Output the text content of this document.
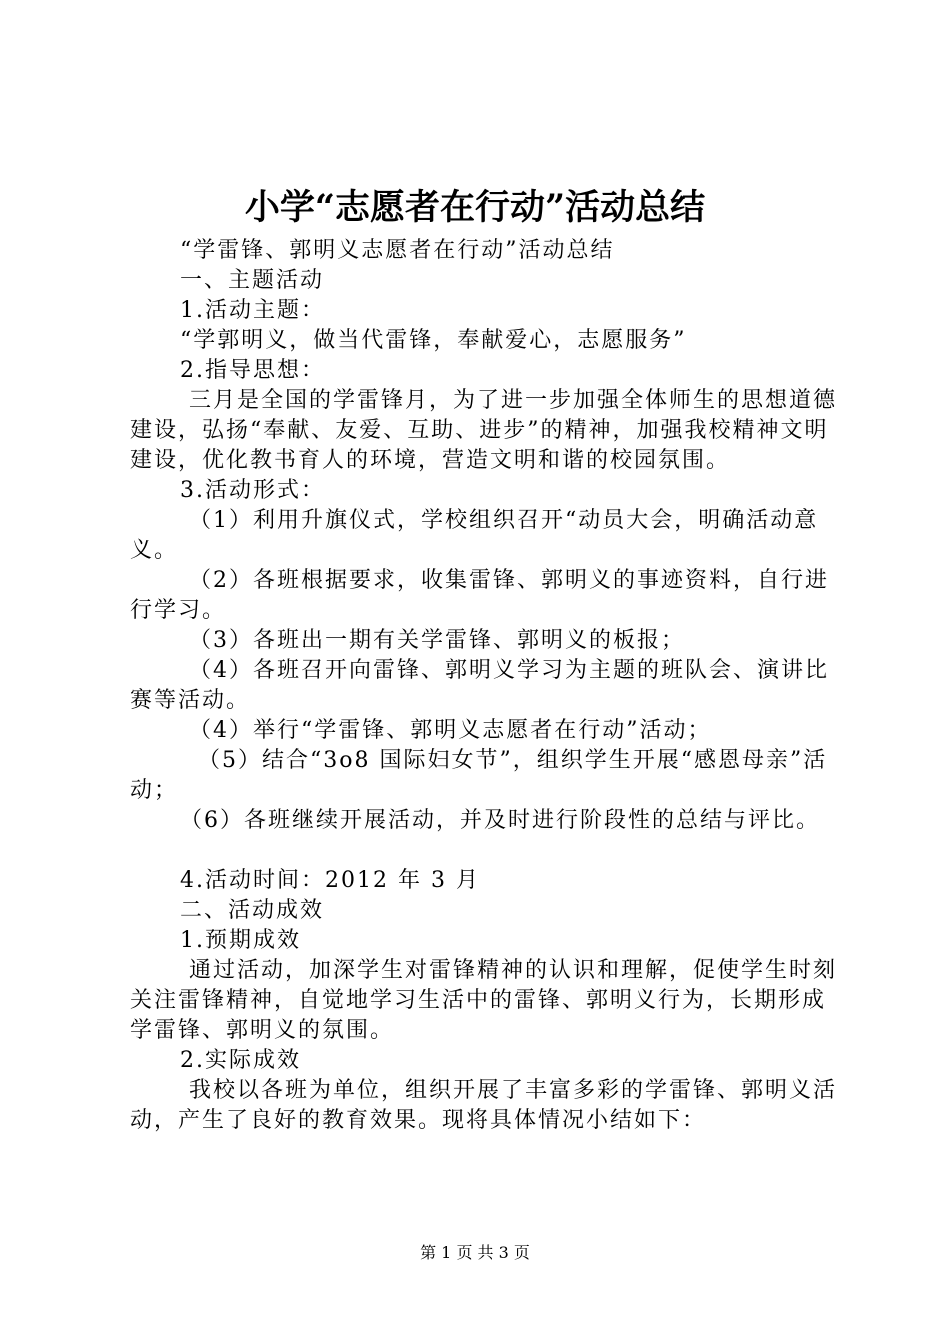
小学“志愿者在行动”活动总结

“学雷锋、郭明义志愿者在行动”活动总结

一、主题活动

1.活动主题：

“学郭明义，做当代雷锋，奉献爱心，志愿服务”

2.指导思想：

三月是全国的学雷锋月，为了进一步加强全体师生的思想道德建设，弘扬“奉献、友爱、互助、进步”的精神，加强我校精神文明建设，优化教书育人的环境，营造文明和谐的校园氛围。

3.活动形式：

（1）利用升旗仪式，学校组织召开“动员大会，明确活动意义。

（2）各班根据要求，收集雷锋、郭明义的事迹资料，自行进行学习。

（3）各班出一期有关学雷锋、郭明义的板报；

（4）各班召开向雷锋、郭明义学习为主题的班队会、演讲比赛等活动。

（4）举行“学雷锋、郭明义志愿者在行动”活动；

（5）结合“3o8 国际妇女节”，组织学生开展“感恩母亲”活动；

（6）各班继续开展活动，并及时进行阶段性的总结与评比。

4.活动时间：2012 年 3 月

二、活动成效

1.预期成效

通过活动，加深学生对雷锋精神的认识和理解，促使学生时刻关注雷锋精神，自觉地学习生活中的雷锋、郭明义行为，长期形成学雷锋、郭明义的氛围。

2.实际成效

我校以各班为单位，组织开展了丰富多彩的学雷锋、郭明义活动，产生了良好的教育效果。现将具体情况小结如下：

第 1 页 共 3 页
